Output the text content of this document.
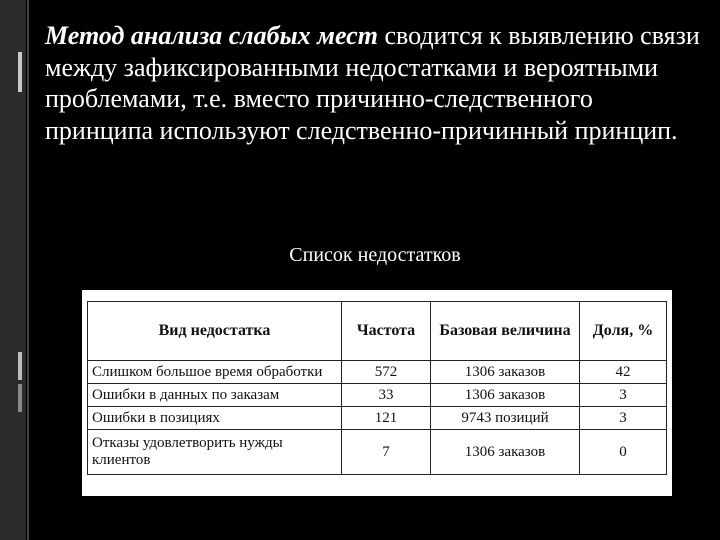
Метод анализа слабых мест сводится к выявлению связи между зафиксированными недостатками и вероятными проблемами, т.е. вместо причинно-следственного принципа используют следственно-причинный принцип.

Список недостатков
Вид недостатка	Частота	Базовая величина	Доля, %
Слишком большое время обработки	572	1306 заказов	42
Ошибки в данных по заказам	33	1306 заказов	3
Ошибки в позициях	121	9743 позиций	3
Отказы удовлетворить нужды клиентов	7	1306 заказов	0
